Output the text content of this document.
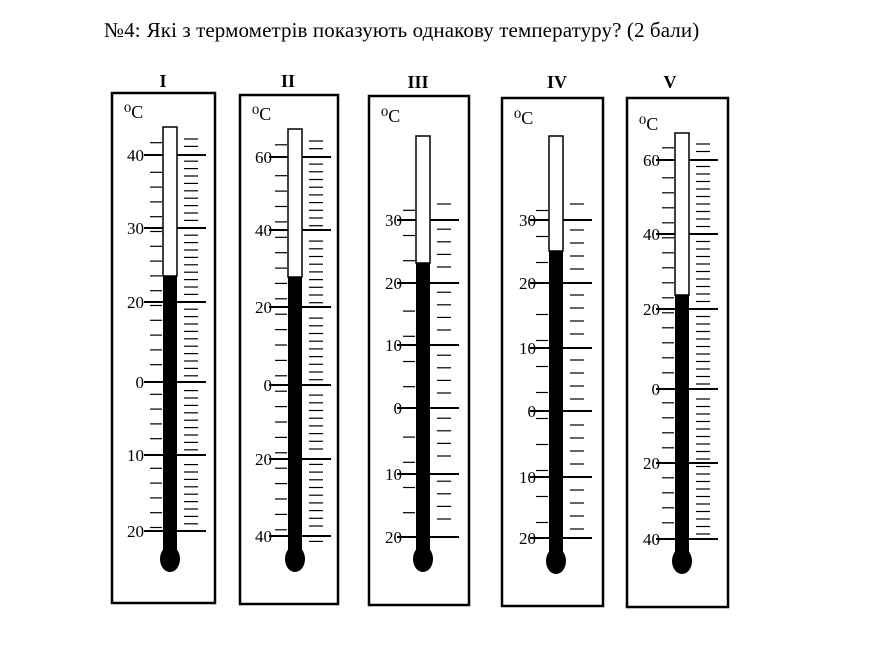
№4: Які з термометрів показують однакову температуру? (2 бали)
I
⁰С
40
30
20
0
10
20
II
⁰С
60
40
20
0
20
40
III
⁰С
30
20
10
0
10
20
IV
⁰С
30
20
10
0
10
20
V
⁰С
60
40
20
0
20
40
